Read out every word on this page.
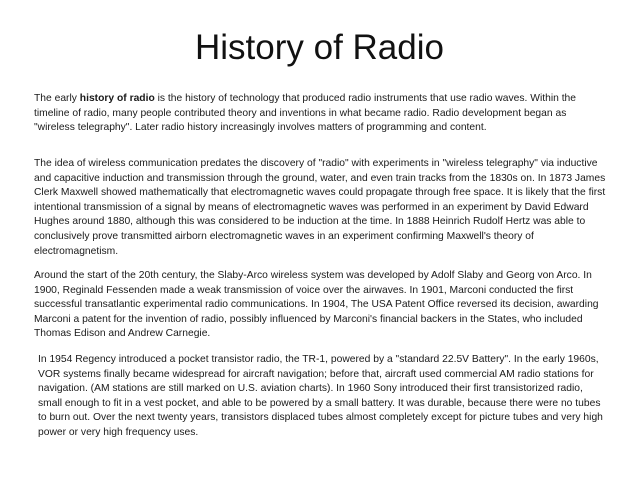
History of Radio

The early history of radio is the history of technology that produced radio instruments that use radio waves. Within the timeline of radio, many people contributed theory and inventions in what became radio. Radio development began as "wireless telegraphy". Later radio history increasingly involves matters of programming and content.

The idea of wireless communication predates the discovery of "radio" with experiments in "wireless telegraphy" via inductive and capacitive induction and transmission through the ground, water, and even train tracks from the 1830s on. In 1873 James Clerk Maxwell showed mathematically that electromagnetic waves could propagate through free space. It is likely that the first intentional transmission of a signal by means of electromagnetic waves was performed in an experiment by David Edward Hughes around 1880, although this was considered to be induction at the time. In 1888 Heinrich Rudolf Hertz was able to conclusively prove transmitted airborn electromagnetic waves in an experiment confirming Maxwell's theory of electromagnetism.

Around the start of the 20th century, the Slaby-Arco wireless system was developed by Adolf Slaby and Georg von Arco. In 1900, Reginald Fessenden made a weak transmission of voice over the airwaves. In 1901, Marconi conducted the first successful transatlantic experimental radio communications. In 1904, The USA Patent Office reversed its decision, awarding Marconi a patent for the invention of radio, possibly influenced by Marconi's financial backers in the States, who included Thomas Edison and Andrew Carnegie.

In 1954 Regency introduced a pocket transistor radio, the TR-1, powered by a "standard 22.5V Battery". In the early 1960s, VOR systems finally became widespread for aircraft navigation; before that, aircraft used commercial AM radio stations for navigation. (AM stations are still marked on U.S. aviation charts). In 1960 Sony introduced their first transistorized radio, small enough to fit in a vest pocket, and able to be powered by a small battery. It was durable, because there were no tubes to burn out. Over the next twenty years, transistors displaced tubes almost completely except for picture tubes and very high power or very high frequency uses.
